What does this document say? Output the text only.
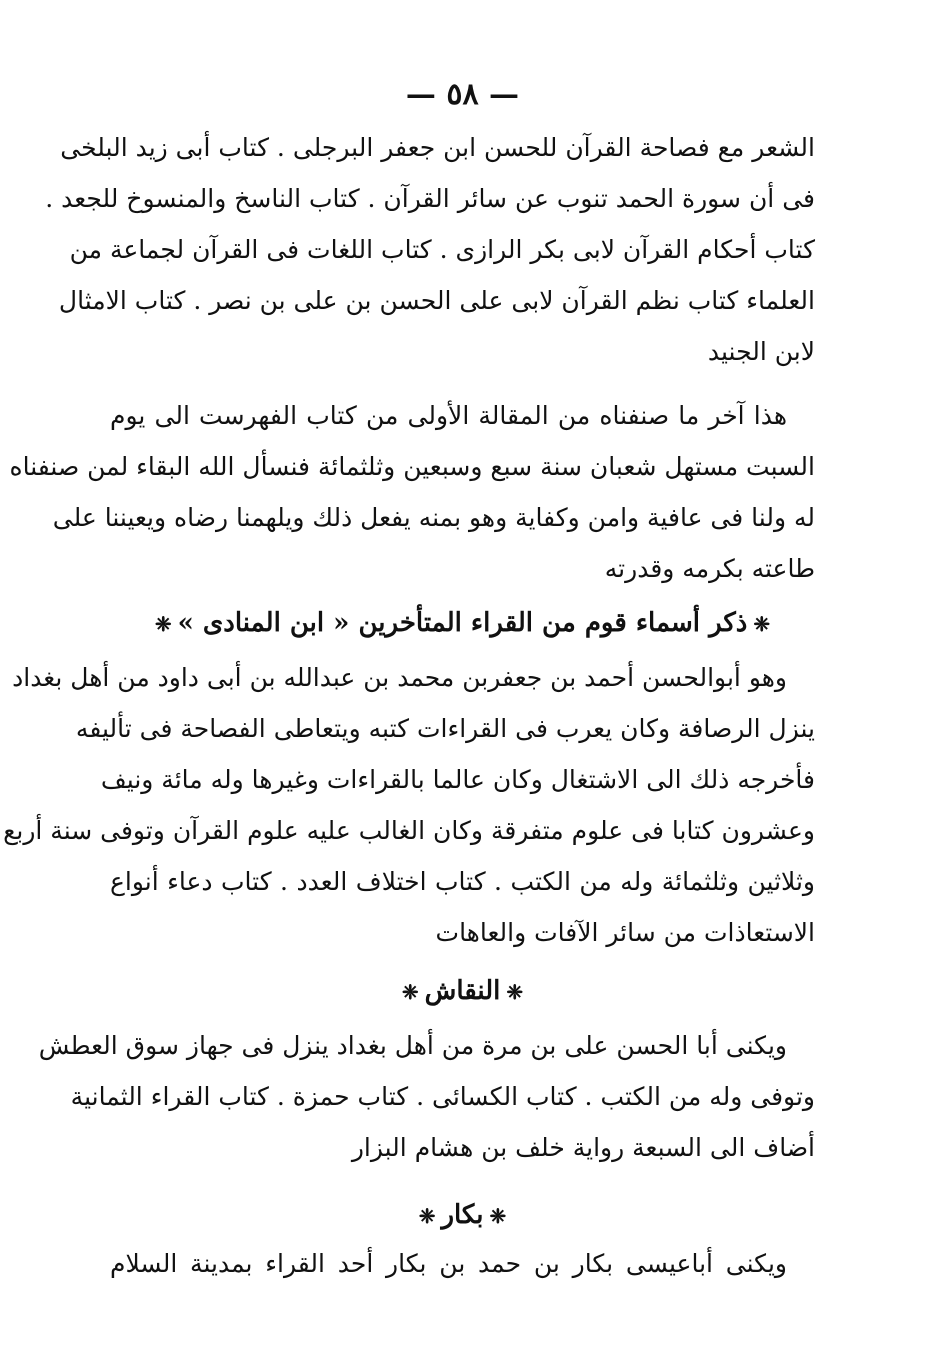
— ٥٨ —
الشعر مع فصاحة القرآن للحسن ابن جعفر البرجلى . كتاب أبى زيد البلخى
فى أن سورة الحمد تنوب عن سائر القرآن . كتاب الناسخ والمنسوخ للجعد .
كتاب أحكام القرآن لابى بكر الرازى . كتاب اللغات فى القرآن لجماعة من
العلماء كتاب نظم القرآن لابى على الحسن بن على بن نصر . كتاب الامثال
لابن الجنيد
هذا آخر ما صنفناه من المقالة الأولى من كتاب الفهرست الى يوم
السبت مستهل شعبان سنة سبع وسبعين وثلثمائة فنسأل الله البقاء لمن صنفناه
له ولنا فى عافية وامن وكفاية وهو بمنه يفعل ذلك ويلهمنا رضاه ويعيننا على
طاعته بكرمه وقدرته
❈ذكر أسماء قوم من القراء المتأخرين « ابن المنادى »❈
وهو أبوالحسن أحمد بن جعفربن محمد بن عبدالله بن أبى داود من أهل بغداد
ينزل الرصافة وكان يعرب فى القراءات كتبه ويتعاطى الفصاحة فى تأليفه
فأخرجه ذلك الى الاشتغال وكان عالما بالقراءات وغيرها وله مائة ونيف
وعشرون كتابا فى علوم متفرقة وكان الغالب عليه علوم القرآن وتوفى سنة أربع
وثلاثين وثلثمائة وله من الكتب . كتاب اختلاف العدد . كتاب دعاء أنواع
الاستعاذات من سائر الآفات والعاهات
❈النقاش❈
ويكنى أبا الحسن على بن مرة من أهل بغداد ينزل فى جهاز سوق العطش
وتوفى وله من الكتب . كتاب الكسائى . كتاب حمزة . كتاب القراء الثمانية
أضاف الى السبعة رواية خلف بن هشام البزار
❈بكار❈
ويكنى أباعيسى بكار بن حمد بن بكار أحد القراء بمدينة السلام
